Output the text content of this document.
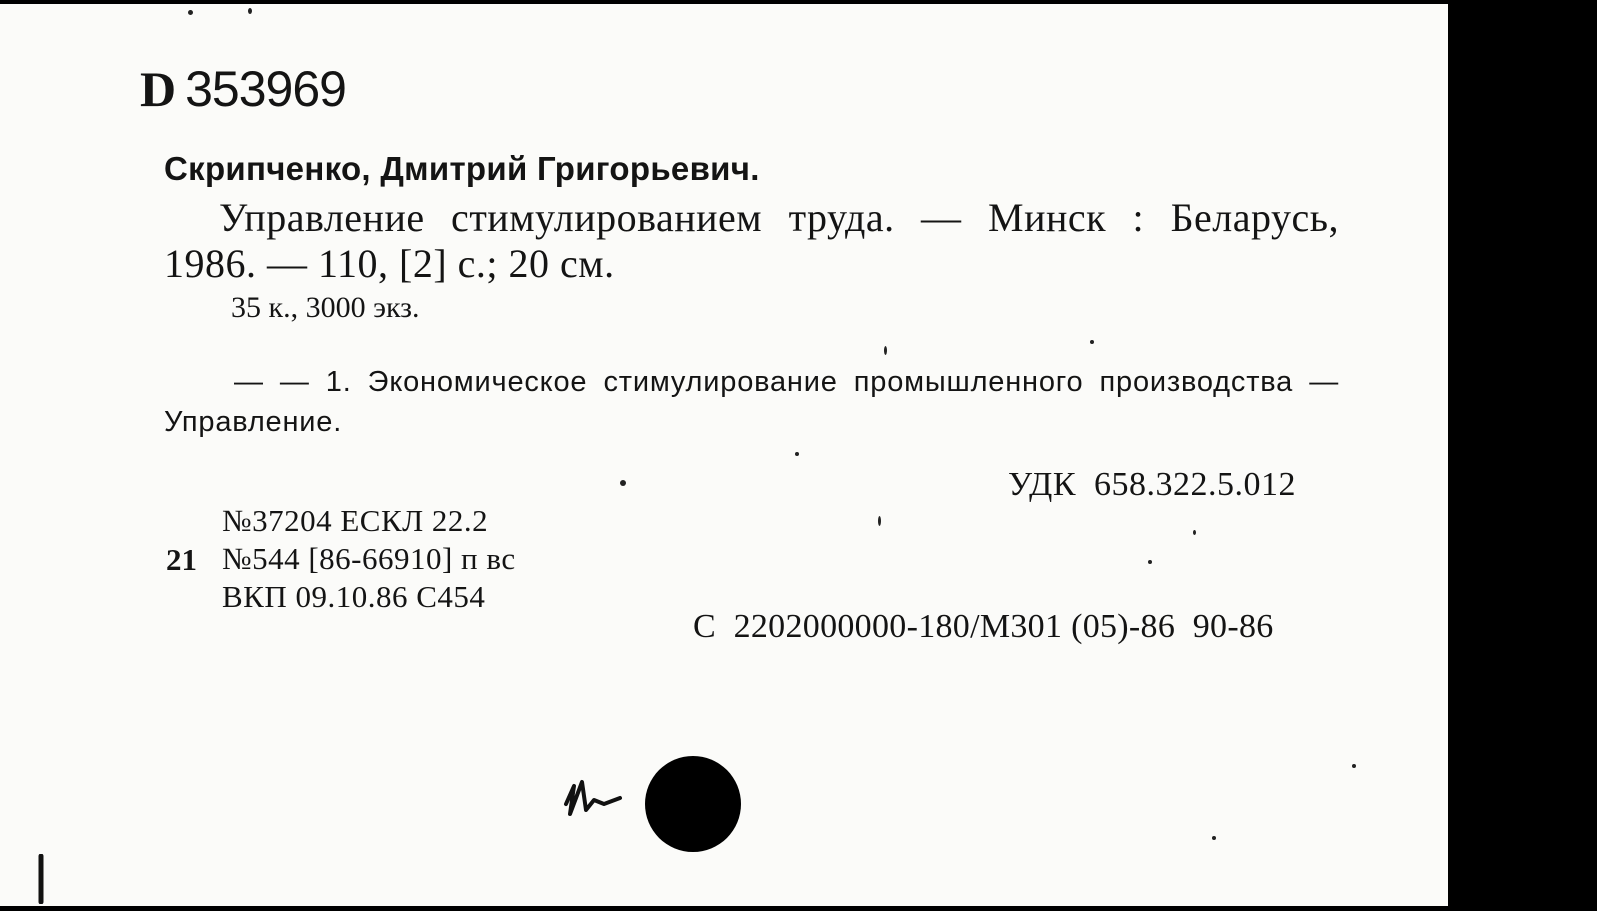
D 353969
Скрипченко, Дмитрий Григорьевич.
Управление стимулированием труда. — Минск : Беларусь, 1986. — 110, [2] с.; 20 см.
35 к., 3000 экз.
— — 1. Экономическое стимулирование промышленного производства — Управление.
УДК  658.322.5.012
21
№37204 ЕСКЛ 22.2
№544 [86-66910] п вс
ВКП 09.10.86 С454
С  2202000000-180/М301 (05)-86  90-86
